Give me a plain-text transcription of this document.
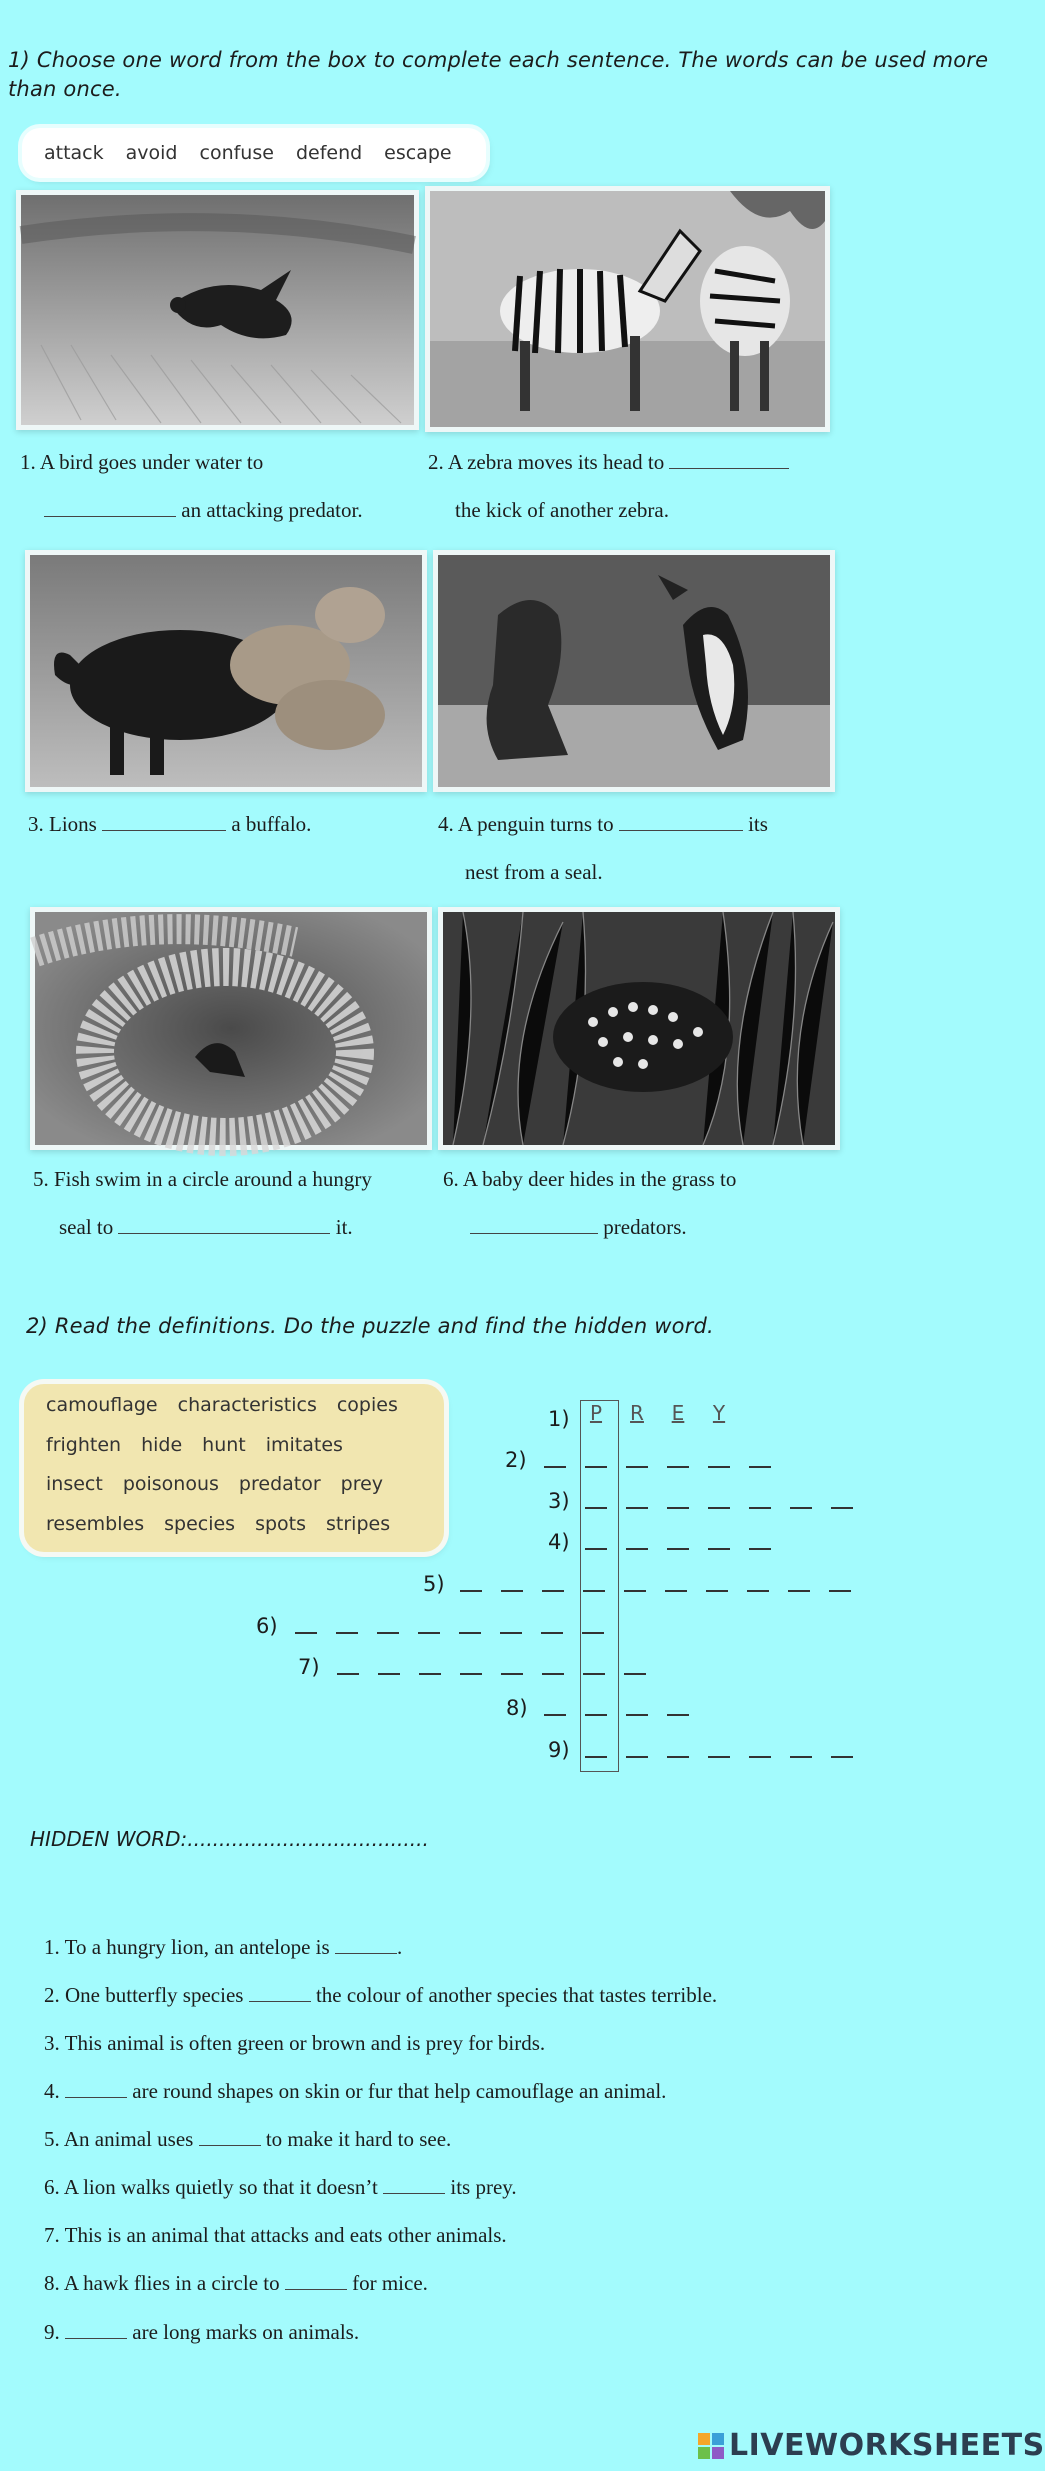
1) Choose one word from the box to complete each sentence. The words can be used more
than once.
attack avoid confuse defend escape
1. A bird goes under water to
an attacking predator.
2. A zebra moves its head to
the kick of another zebra.
3. Lions	a buffalo.	4. A penguin turns to	its
nest from a seal.
5. Fish swim in a circle around a hungry
seal to	it.
6. A baby deer hides in the grass to
predators.
2) Read the definitions. Do the puzzle and find the hidden word.
camouflage characteristics copies
frighten hide hunt imitates
insect poisonous predator prey
resembles species spots stripes
1) P R E Y
2)
3)
4)
5)
6)
7)
8)
9)
HIDDEN WORD:......................................
1. To a hungry lion, an antelope is	.
2. One butterfly species	the colour of another species that tastes terrible.
3. This animal is often green or brown and is prey for birds.
4.	are round shapes on skin or fur that help camouflage an animal.
5. An animal uses	to make it hard to see.
6. A lion walks quietly so that it doesn’t	its prey.
7. This is an animal that attacks and eats other animals.
8. A hawk flies in a circle to	for mice.
9.	are long marks on animals.
LIVEWORKSHEETS
